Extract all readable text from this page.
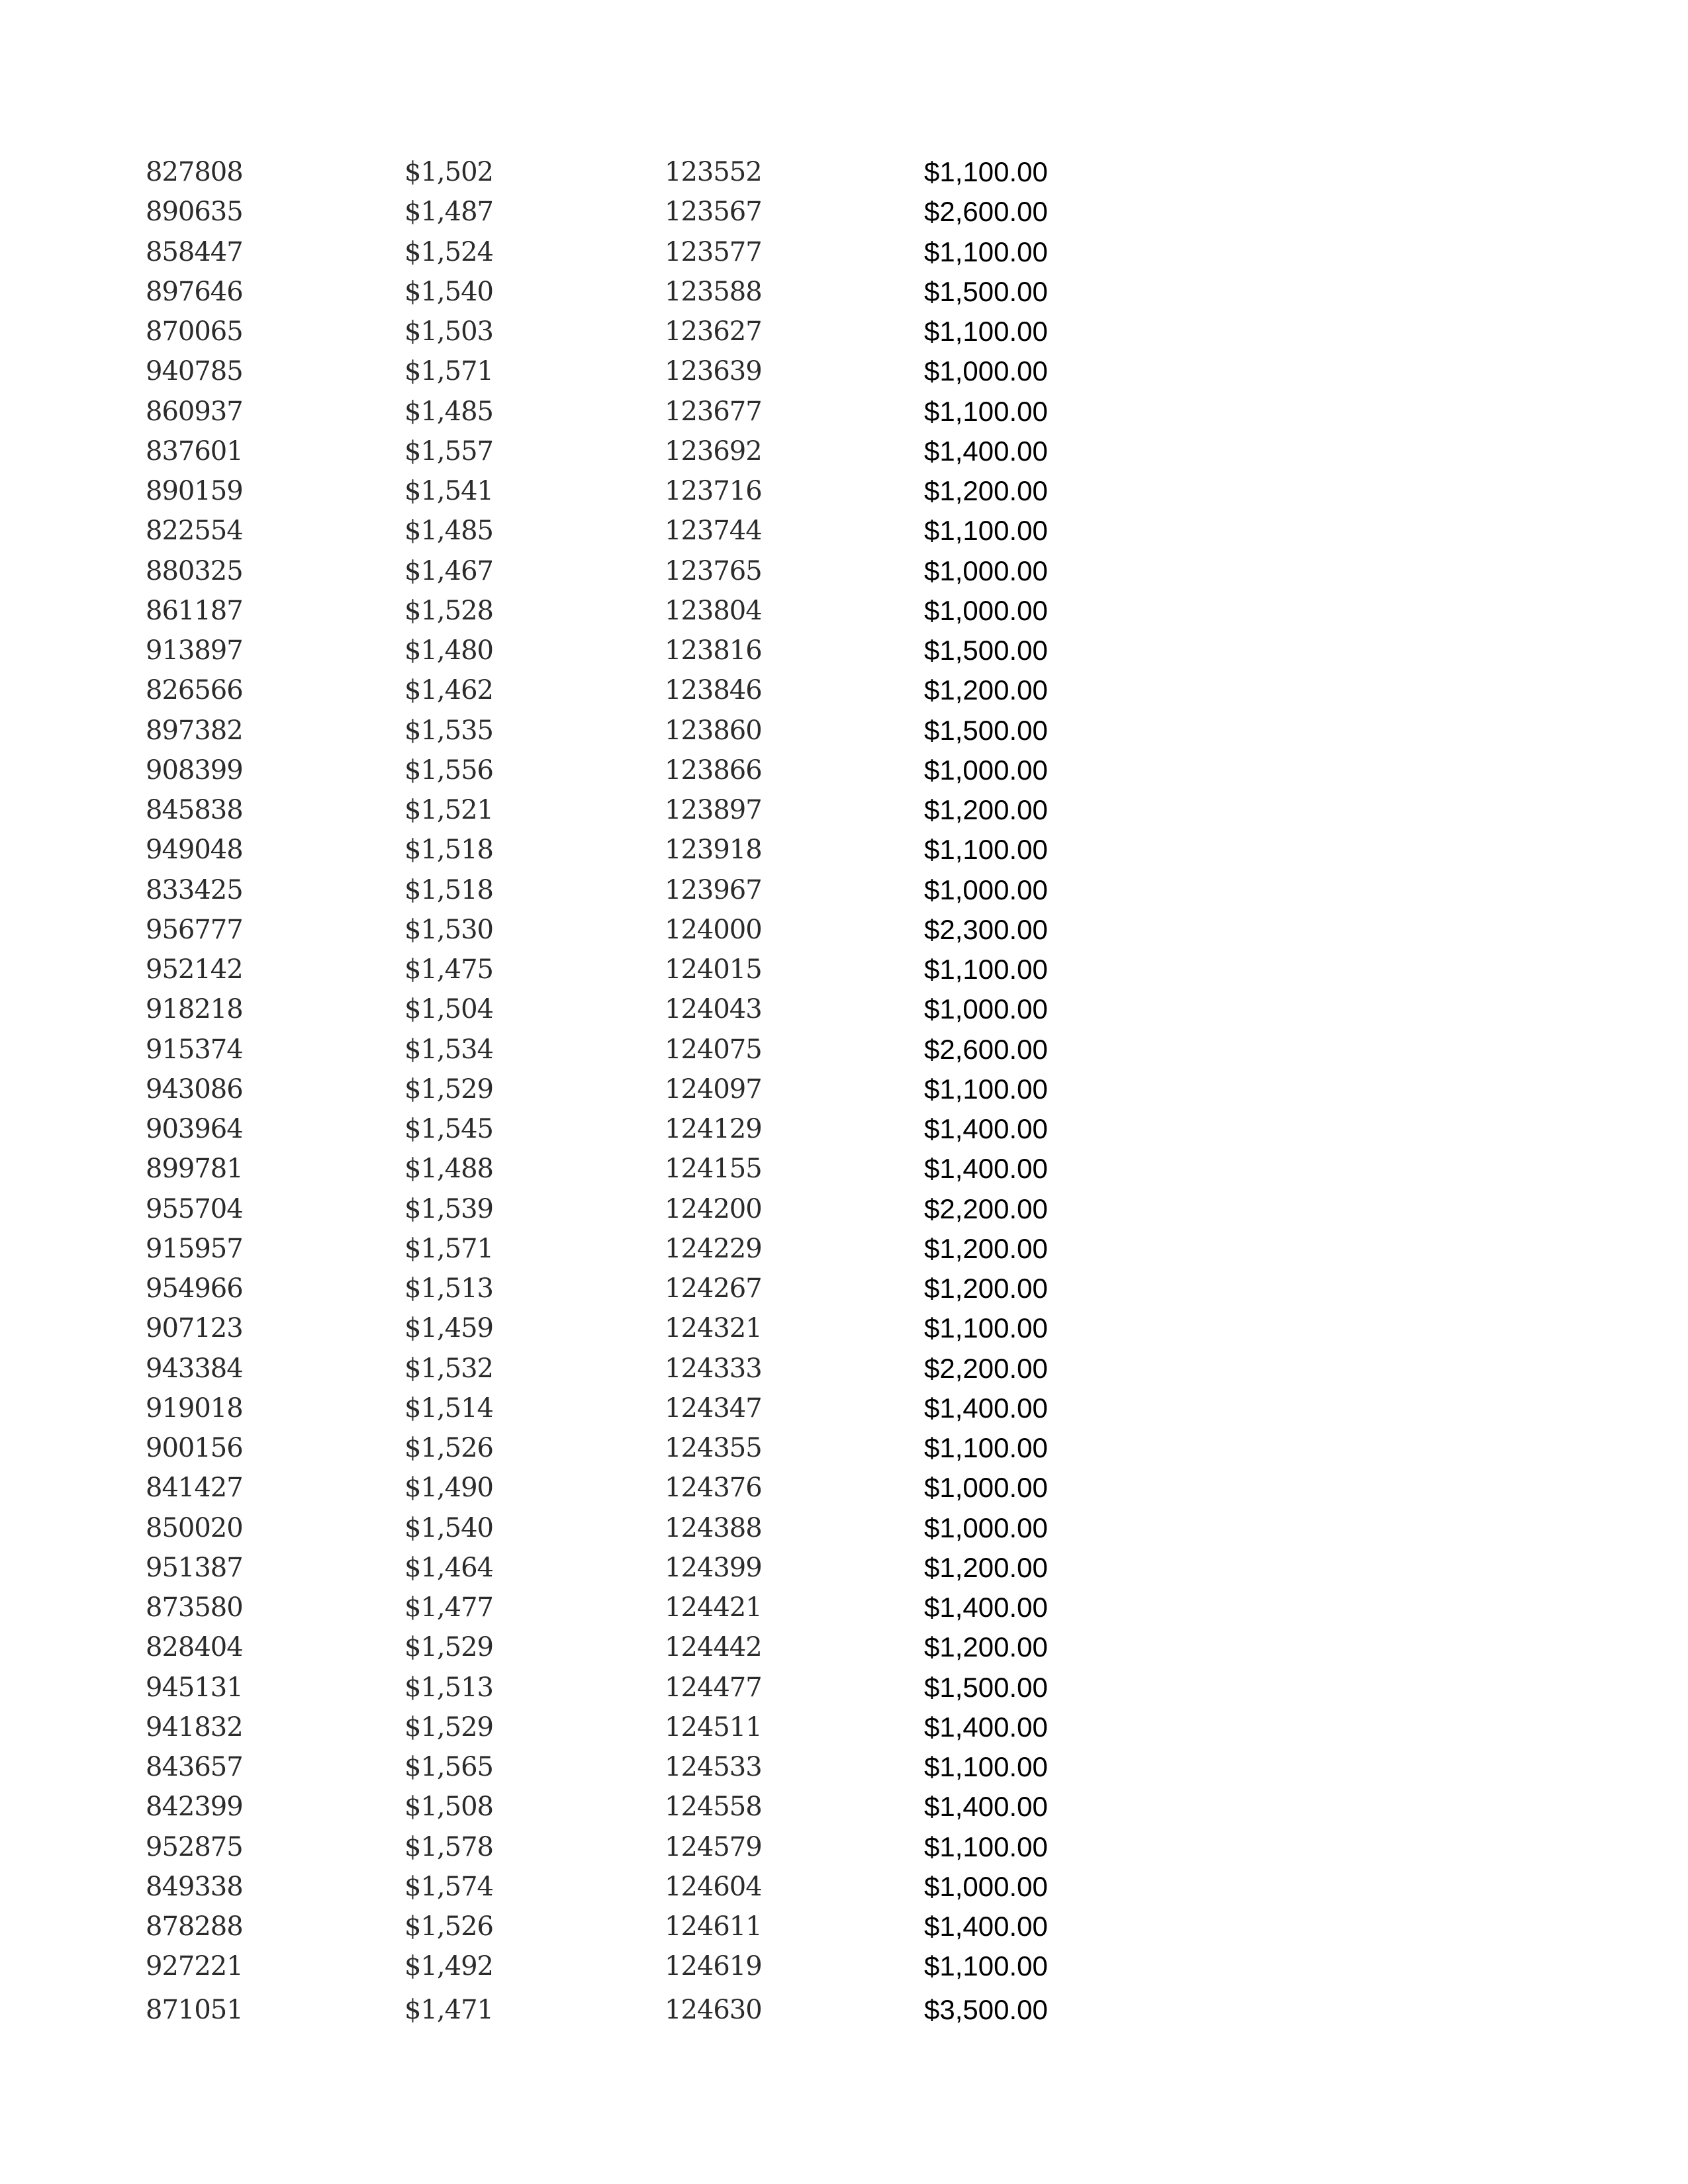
827808	$1,502	123552	$1,100.00
890635	$1,487	123567	$2,600.00
858447	$1,524	123577	$1,100.00
897646	$1,540	123588	$1,500.00
870065	$1,503	123627	$1,100.00
940785	$1,571	123639	$1,000.00
860937	$1,485	123677	$1,100.00
837601	$1,557	123692	$1,400.00
890159	$1,541	123716	$1,200.00
822554	$1,485	123744	$1,100.00
880325	$1,467	123765	$1,000.00
861187	$1,528	123804	$1,000.00
913897	$1,480	123816	$1,500.00
826566	$1,462	123846	$1,200.00
897382	$1,535	123860	$1,500.00
908399	$1,556	123866	$1,000.00
845838	$1,521	123897	$1,200.00
949048	$1,518	123918	$1,100.00
833425	$1,518	123967	$1,000.00
956777	$1,530	124000	$2,300.00
952142	$1,475	124015	$1,100.00
918218	$1,504	124043	$1,000.00
915374	$1,534	124075	$2,600.00
943086	$1,529	124097	$1,100.00
903964	$1,545	124129	$1,400.00
899781	$1,488	124155	$1,400.00
955704	$1,539	124200	$2,200.00
915957	$1,571	124229	$1,200.00
954966	$1,513	124267	$1,200.00
907123	$1,459	124321	$1,100.00
943384	$1,532	124333	$2,200.00
919018	$1,514	124347	$1,400.00
900156	$1,526	124355	$1,100.00
841427	$1,490	124376	$1,000.00
850020	$1,540	124388	$1,000.00
951387	$1,464	124399	$1,200.00
873580	$1,477	124421	$1,400.00
828404	$1,529	124442	$1,200.00
945131	$1,513	124477	$1,500.00
941832	$1,529	124511	$1,400.00
843657	$1,565	124533	$1,100.00
842399	$1,508	124558	$1,400.00
952875	$1,578	124579	$1,100.00
849338	$1,574	124604	$1,000.00
878288	$1,526	124611	$1,400.00
927221	$1,492	124619	$1,100.00
871051	$1,471	124630	$3,500.00
